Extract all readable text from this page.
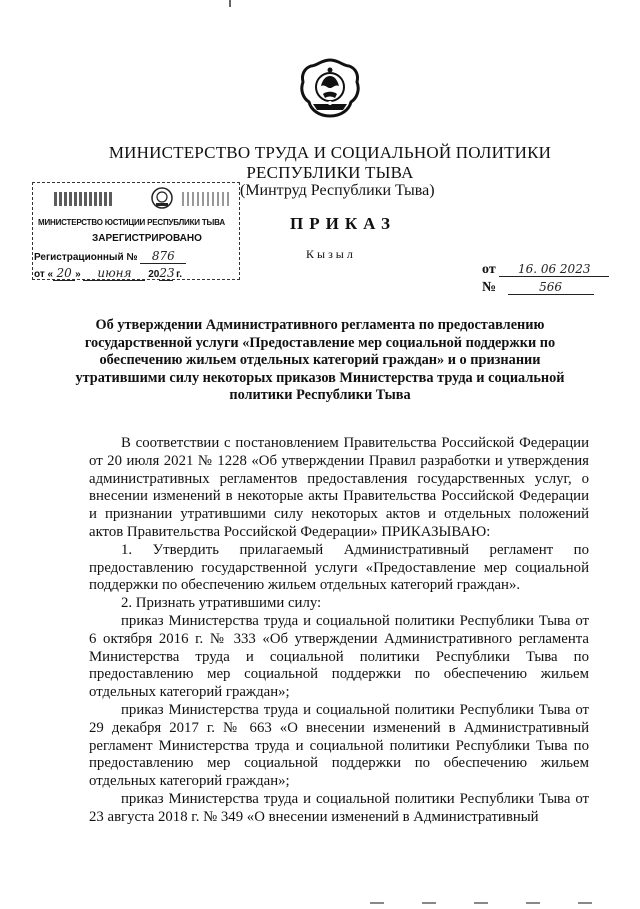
МИНИСТЕРСТВО ТРУДА И СОЦИАЛЬНОЙ ПОЛИТИКИ

РЕСПУБЛИКИ ТЫВА

(Минтруд Республики Тыва)
ПРИКАЗ
Кызыл
МИНИСТЕРСТВО ЮСТИЦИИ РЕСПУБЛИКИ ТЫВА
ЗАРЕГИСТРИРОВАНО
Регистрационный № 876
от « 20 » июня 2023 г.	от 16. 06 2023
№	566

Об утверждении Административного регламента по предоставлению государственной услуги «Предоставление мер социальной поддержки по обеспечению жильем отдельных категорий граждан» и о признании утратившими силу некоторых приказов Министерства труда и социальной политики Республики Тыва

В соответствии с постановлением Правительства Российской Федерации от 20 июля 2021 № 1228 «Об утверждении Правил разработки и утверждения административных регламентов предоставления государственных услуг, о внесении изменений в некоторые акты Правительства Российской Федерации и признании утратившими силу некоторых актов и отдельных положений актов Правительства Российской Федерации» ПРИКАЗЫВАЮ:

1. Утвердить прилагаемый Административный регламент по предоставлению государственной услуги «Предоставление мер социальной поддержки по обеспечению жильем отдельных категорий граждан».

2. Признать утратившими силу:

приказ Министерства труда и социальной политики Республики Тыва от 6 октября 2016 г. № 333 «Об утверждении Административного регламента Министерства труда и социальной политики Республики Тыва по предоставлению мер социальной поддержки по обеспечению жильем отдельных категорий граждан»;

приказ Министерства труда и социальной политики Республики Тыва от 29 декабря 2017 г. № 663 «О внесении изменений в Административный регламент Министерства труда и социальной политики Республики Тыва по предоставлению мер социальной поддержки по обеспечению жильем отдельных категорий граждан»;

приказ Министерства труда и социальной политики Республики Тыва от 23 августа 2018 г. № 349 «О внесении изменений в Административный
